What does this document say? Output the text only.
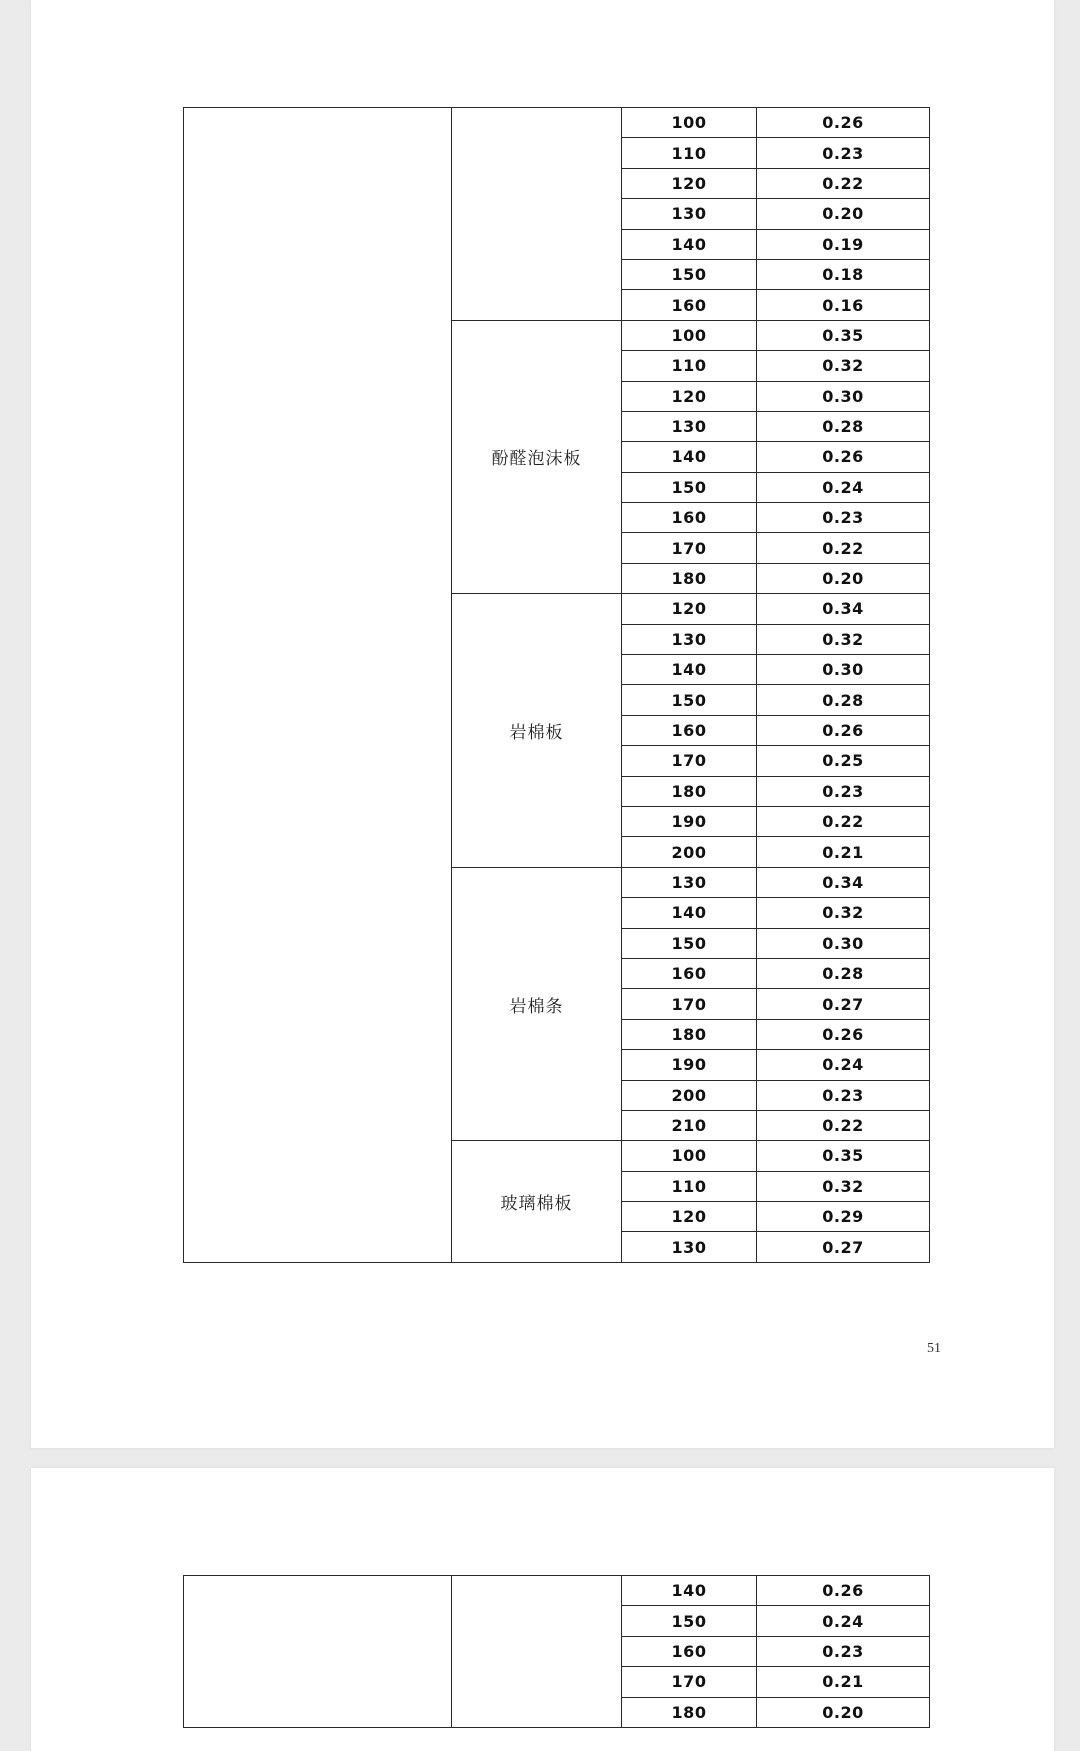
		100	0.26
		110	0.23
		120	0.22
		130	0.20
		140	0.19
		150	0.18
		160	0.16
	酚醛泡沫板	100	0.35
		110	0.32
		120	0.30
		130	0.28
		140	0.26
		150	0.24
		160	0.23
		170	0.22
		180	0.20
	岩棉板	120	0.34
		130	0.32
		140	0.30
		150	0.28
		160	0.26
		170	0.25
		180	0.23
		190	0.22
		200	0.21
	岩棉条	130	0.34
		140	0.32
		150	0.30
		160	0.28
		170	0.27
		180	0.26
		190	0.24
		200	0.23
		210	0.22
	玻璃棉板	100	0.35
		110	0.32
		120	0.29
		130	0.27
51
		140	0.26
		150	0.24
		160	0.23
		170	0.21
		180	0.20
